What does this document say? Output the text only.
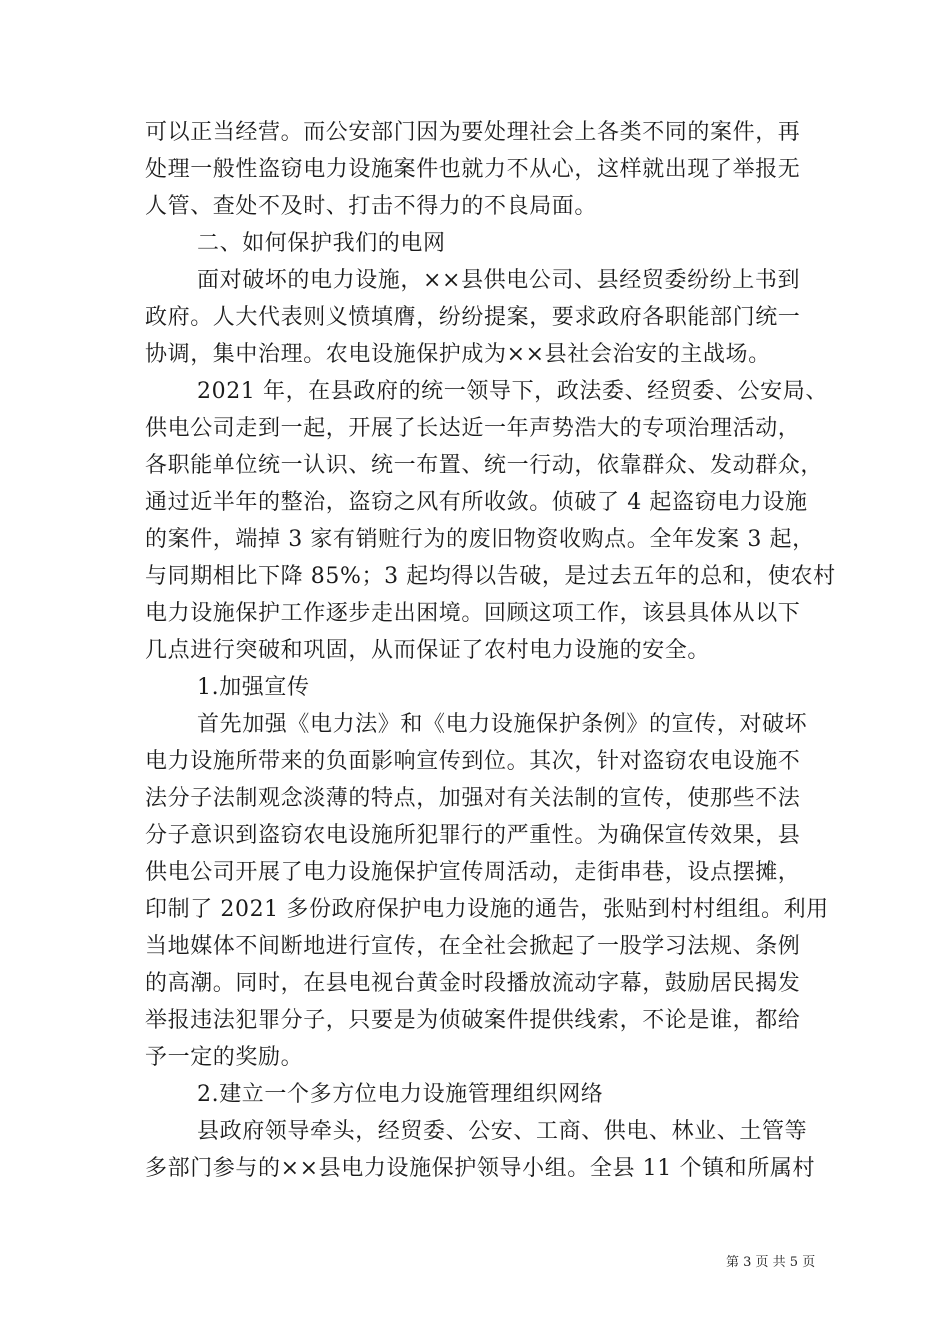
可以正当经营。而公安部门因为要处理社会上各类不同的案件，再
处理一般性盗窃电力设施案件也就力不从心，这样就出现了举报无
人管、查处不及时、打击不得力的不良局面。
二、如何保护我们的电网
面对破坏的电力设施，××县供电公司、县经贸委纷纷上书到
政府。人大代表则义愤填膺，纷纷提案，要求政府各职能部门统一
协调，集中治理。农电设施保护成为××县社会治安的主战场。
2021 年，在县政府的统一领导下，政法委、经贸委、公安局、
供电公司走到一起，开展了长达近一年声势浩大的专项治理活动，
各职能单位统一认识、统一布置、统一行动，依靠群众、发动群众，
通过近半年的整治，盗窃之风有所收敛。侦破了 4 起盗窃电力设施
的案件，端掉 3 家有销赃行为的废旧物资收购点。全年发案 3 起，
与同期相比下降 85%；3 起均得以告破，是过去五年的总和，使农村
电力设施保护工作逐步走出困境。回顾这项工作，该县具体从以下
几点进行突破和巩固，从而保证了农村电力设施的安全。
1.加强宣传
首先加强《电力法》和《电力设施保护条例》的宣传，对破坏
电力设施所带来的负面影响宣传到位。其次，针对盗窃农电设施不
法分子法制观念淡薄的特点，加强对有关法制的宣传，使那些不法
分子意识到盗窃农电设施所犯罪行的严重性。为确保宣传效果，县
供电公司开展了电力设施保护宣传周活动，走街串巷，设点摆摊，
印制了 2021 多份政府保护电力设施的通告，张贴到村村组组。利用
当地媒体不间断地进行宣传，在全社会掀起了一股学习法规、条例
的高潮。同时，在县电视台黄金时段播放流动字幕，鼓励居民揭发
举报违法犯罪分子，只要是为侦破案件提供线索，不论是谁，都给
予一定的奖励。
2.建立一个多方位电力设施管理组织网络
县政府领导牵头，经贸委、公安、工商、供电、林业、土管等
多部门参与的××县电力设施保护领导小组。全县 11 个镇和所属村
第 3 页 共 5 页
